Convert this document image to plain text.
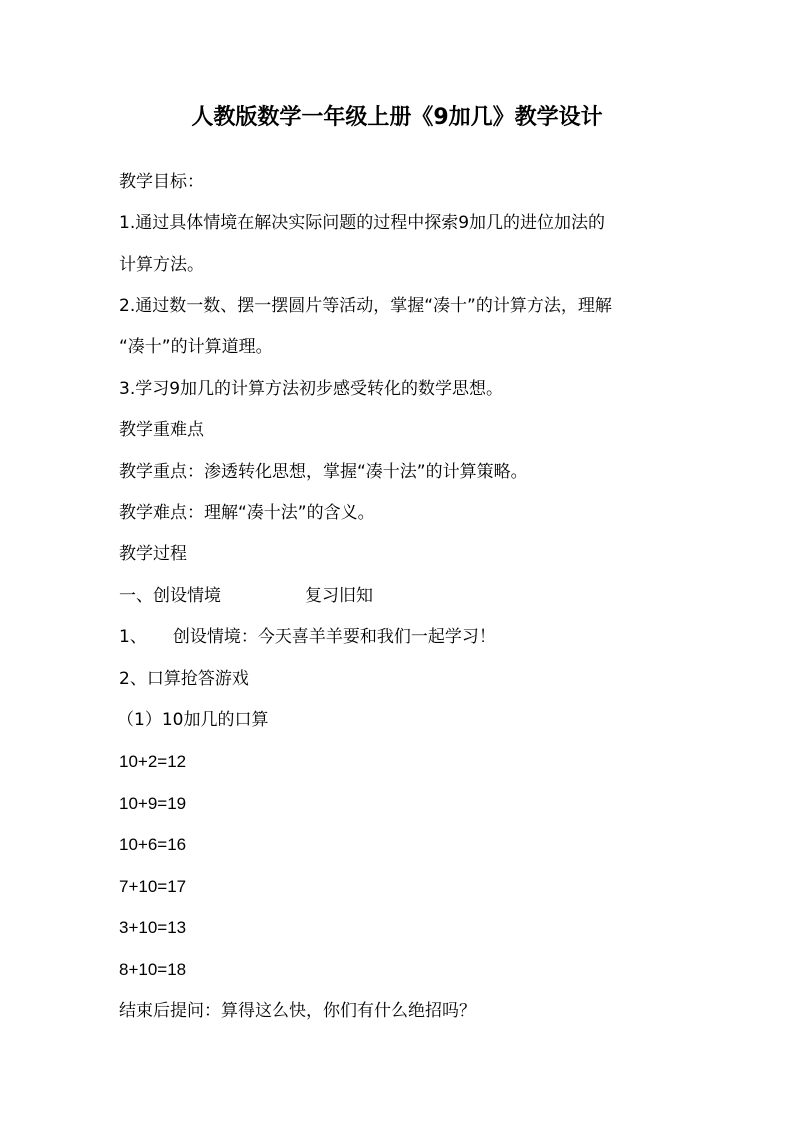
人教版数学一年级上册《9加几》教学设计
教学目标：
1.通过具体情境在解决实际问题的过程中探索9加几的进位加法的
计算方法。
2.通过数一数、摆一摆圆片等活动，掌握“凑十”的计算方法，理解
“凑十”的计算道理。
3.学习9加几的计算方法初步感受转化的数学思想。
教学重难点
教学重点：渗透转化思想，掌握“凑十法”的计算策略。
教学难点：理解“凑十法”的含义。
教学过程
一、创设情境	复习旧知
1、 创设情境：今天喜羊羊要和我们一起学习！
2、口算抢答游戏
（1）10加几的口算
10+2=12
10+9=19
10+6=16
7+10=17
3+10=13
8+10=18
结束后提问：算得这么快，你们有什么绝招吗？
